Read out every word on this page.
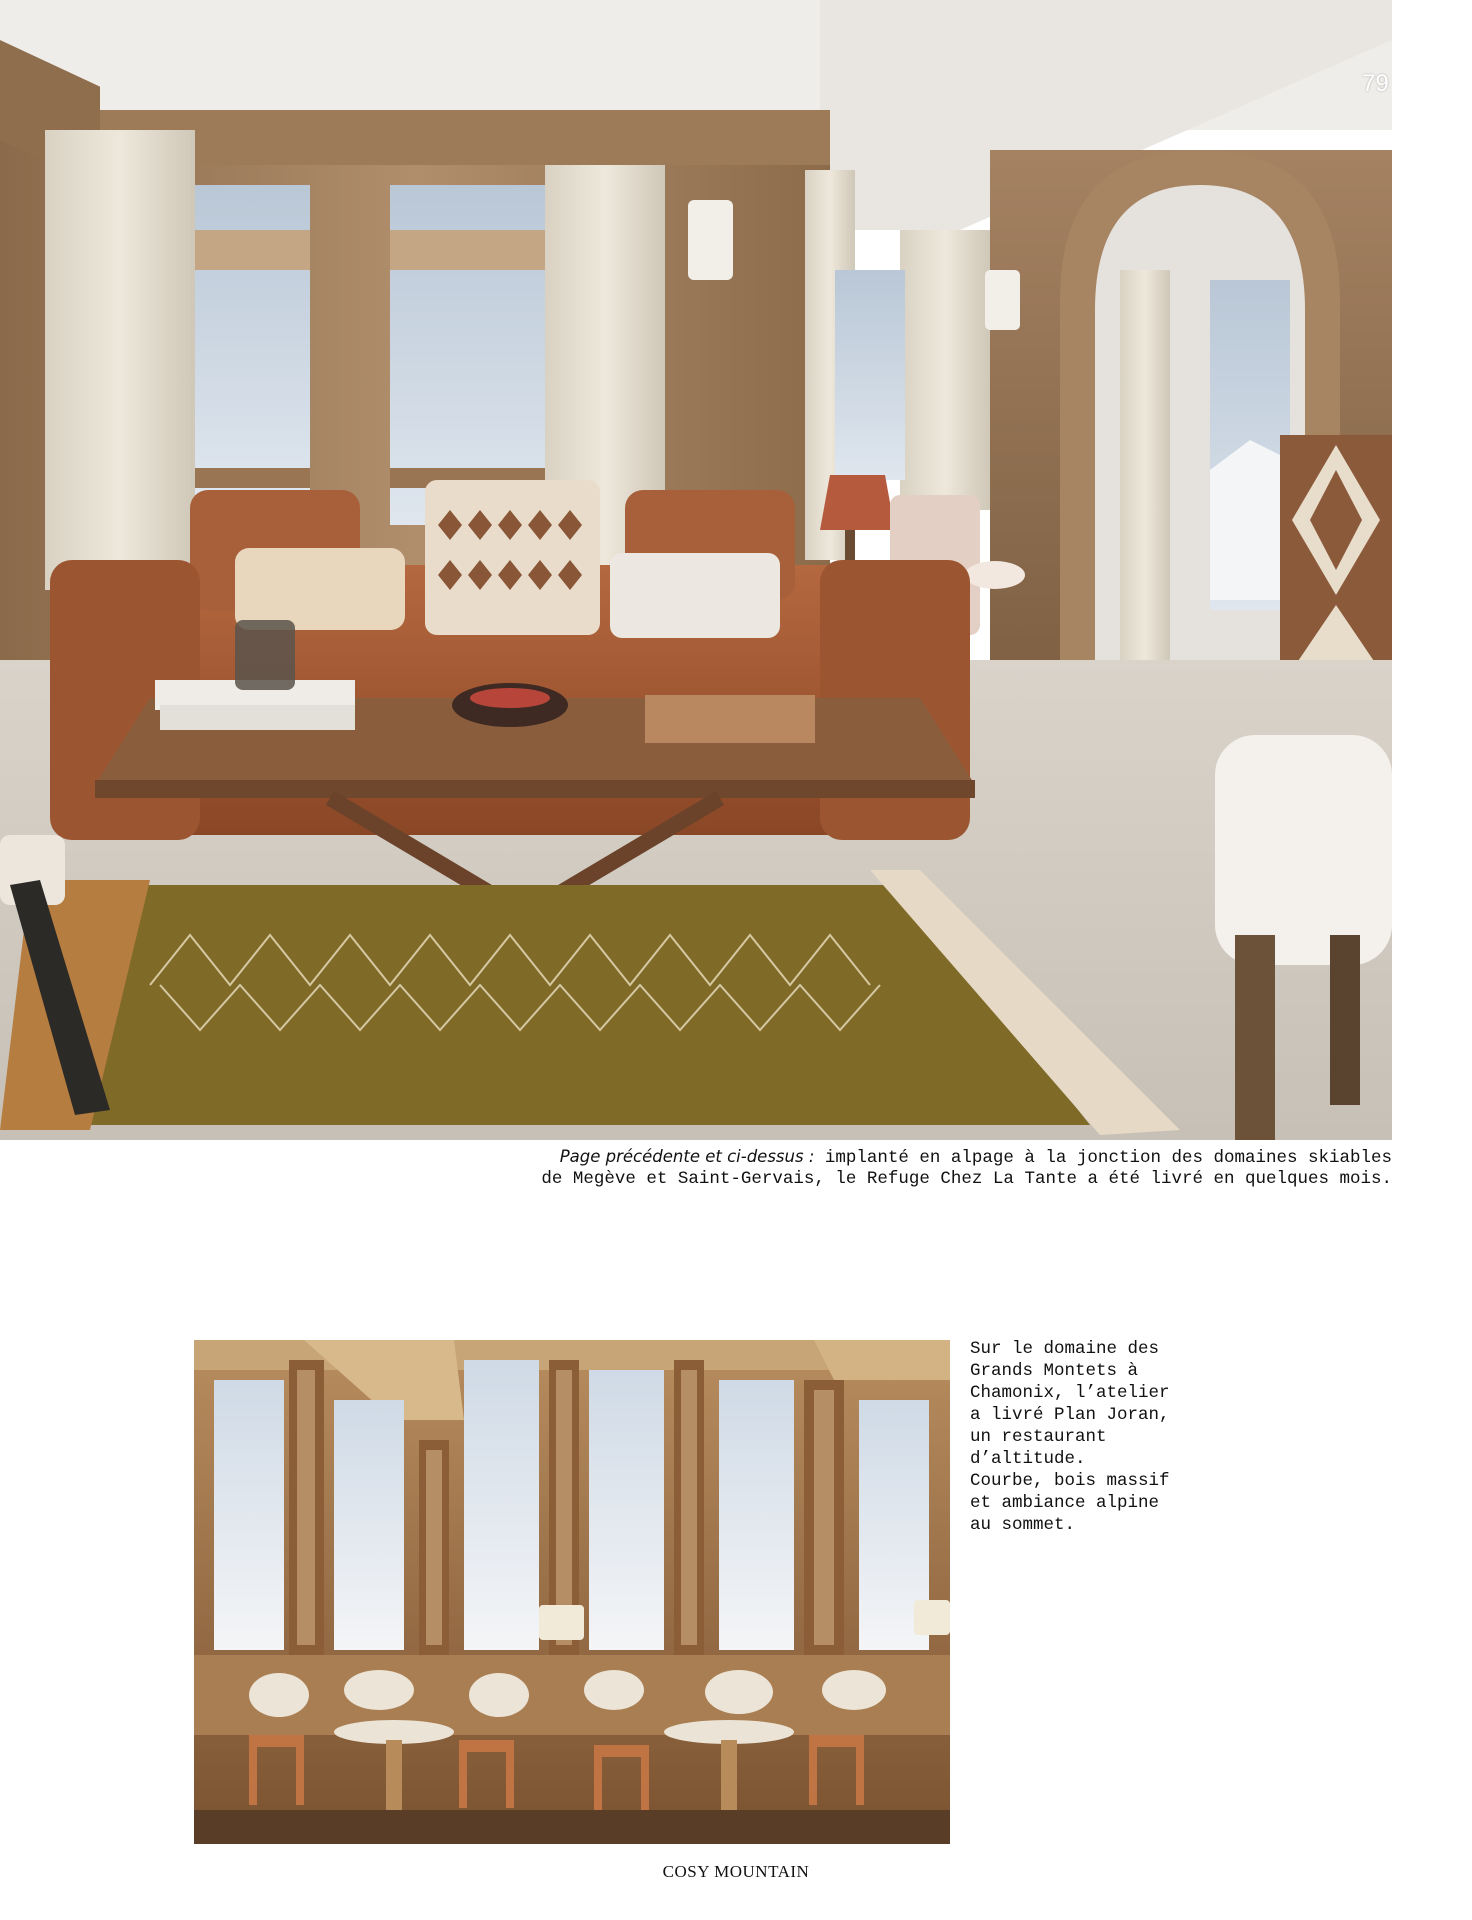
79
Page précédente et ci-dessus : implanté en alpage à la jonction des domaines skiables
de Megève et Saint-Gervais, le Refuge Chez La Tante a été livré en quelques mois.

Sur le domaine des

Grands Montets à

Chamonix, l’atelier

a livré Plan Joran,

un restaurant

d’altitude.

Courbe, bois massif

et ambiance alpine

au sommet.

COSY MOUNTAIN
